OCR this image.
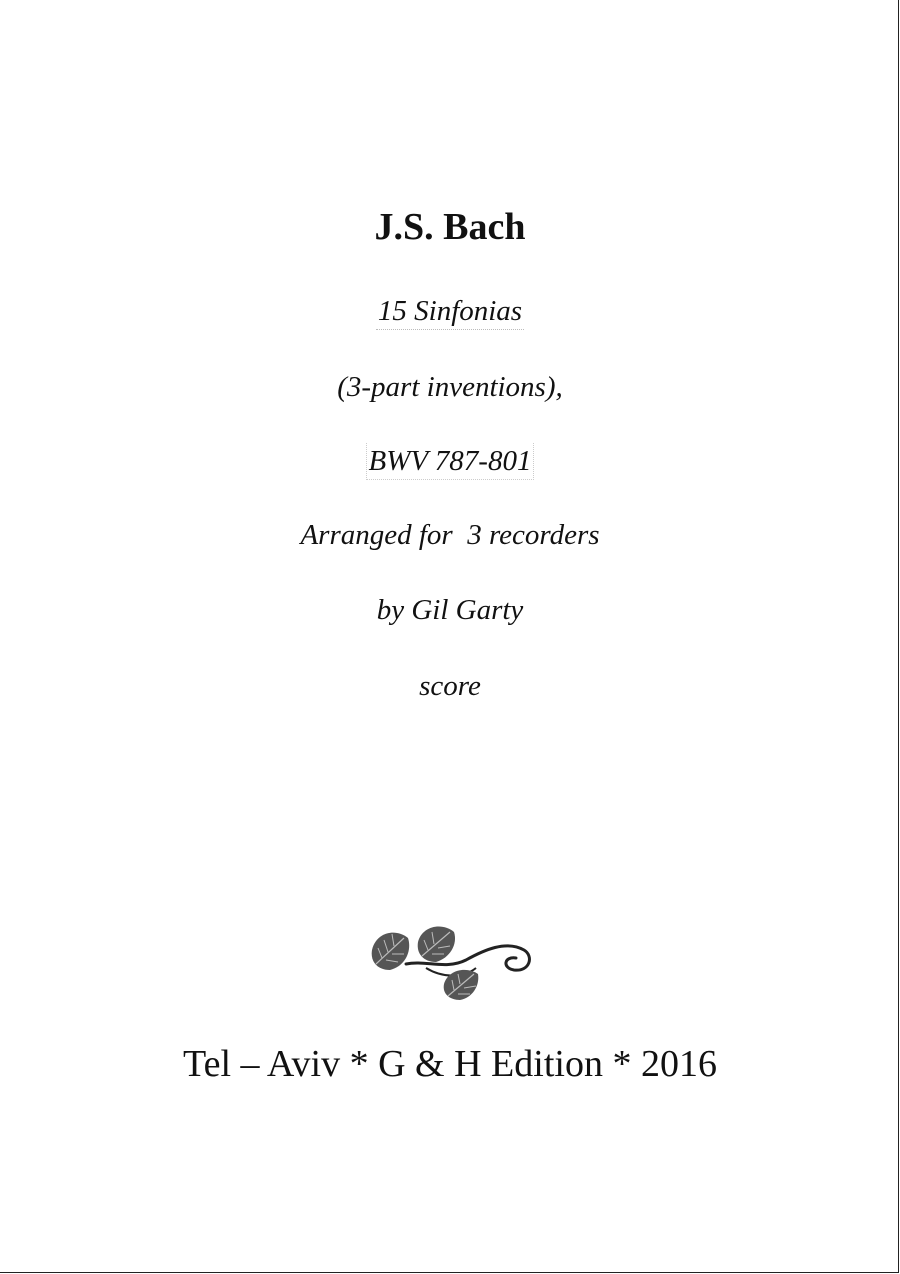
J.S. Bach
15 Sinfonias
(3-part inventions),
BWV 787-801
Arranged for  3 recorders
by Gil Garty
score
Tel – Aviv * G & H Edition * 2016
